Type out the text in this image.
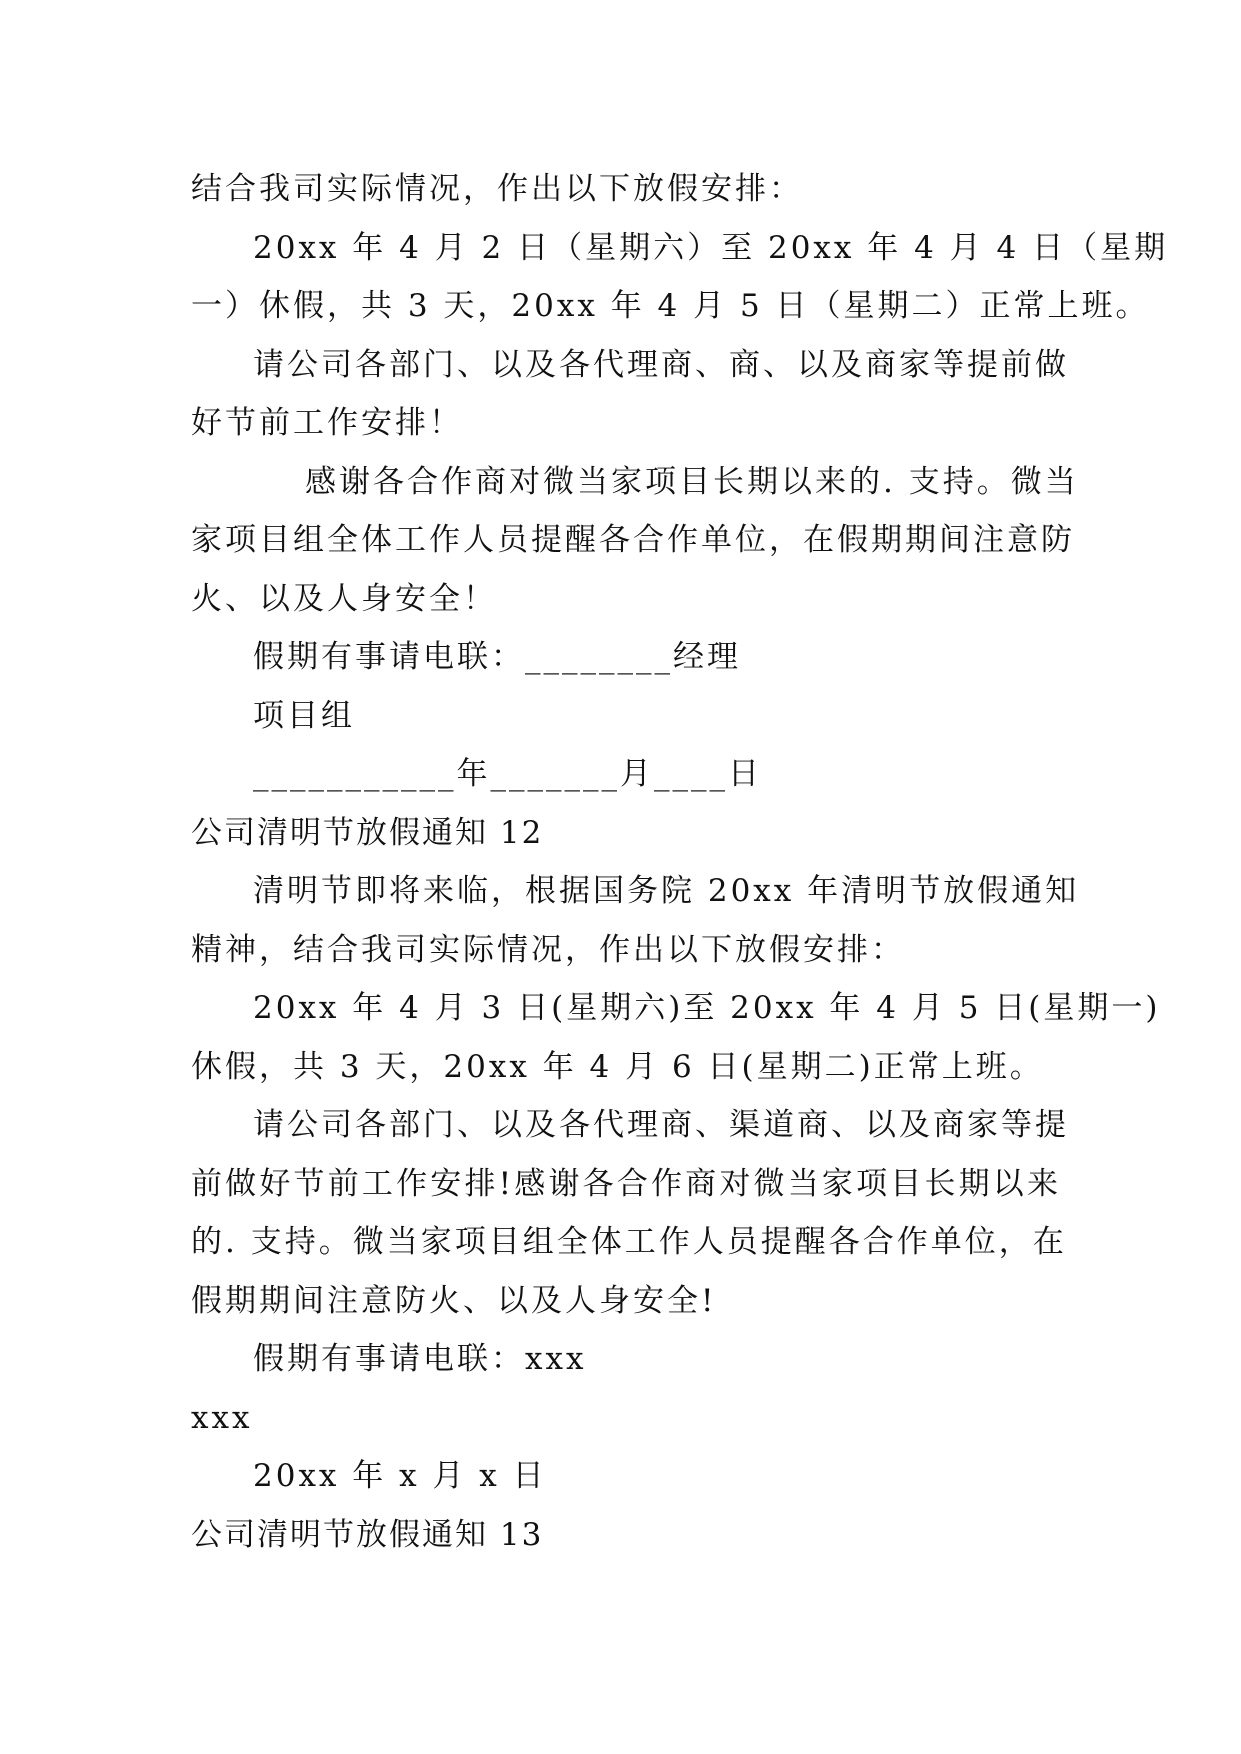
结合我司实际情况，作出以下放假安排：
20xx 年 4 月 2 日（星期六）至 20xx 年 4 月 4 日（星期
一）休假，共 3 天，20xx 年 4 月 5 日（星期二）正常上班。
请公司各部门、以及各代理商、商、以及商家等提前做
好节前工作安排！
感谢各合作商对微当家项目长期以来的. 支持。微当
家项目组全体工作人员提醒各合作单位，在假期期间注意防
火、以及人身安全！
假期有事请电联：________经理
项目组
___________年_______月____日
公司清明节放假通知 12
清明节即将来临，根据国务院 20xx 年清明节放假通知
精神，结合我司实际情况，作出以下放假安排：
20xx 年 4 月 3 日(星期六)至 20xx 年 4 月 5 日(星期一)
休假，共 3 天，20xx 年 4 月 6 日(星期二)正常上班。
请公司各部门、以及各代理商、渠道商、以及商家等提
前做好节前工作安排!感谢各合作商对微当家项目长期以来
的. 支持。微当家项目组全体工作人员提醒各合作单位，在
假期期间注意防火、以及人身安全!
假期有事请电联：xxx
xxx
20xx 年 x 月 x 日
公司清明节放假通知 13
